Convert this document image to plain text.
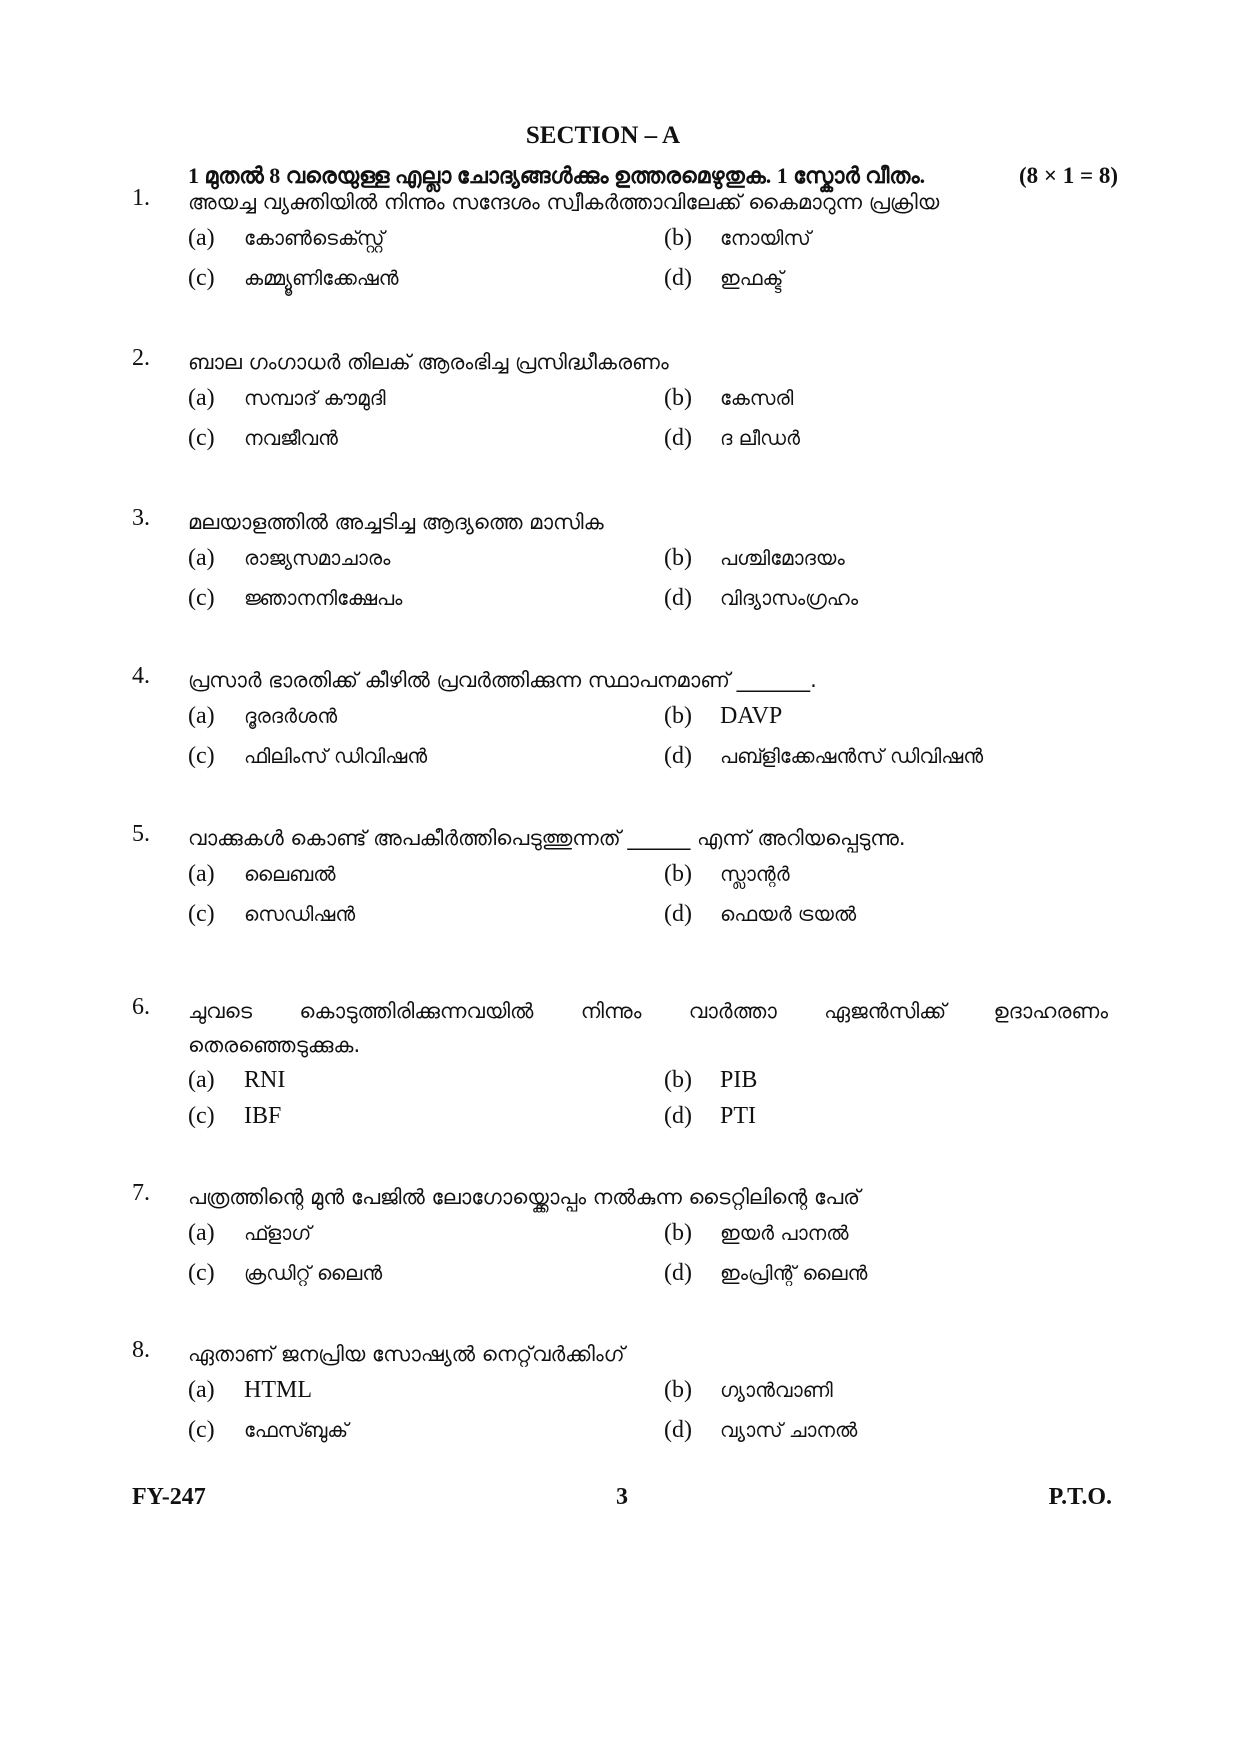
SECTION – A
1 മുതൽ 8 വരെയുള്ള എല്ലാ ചോദ്യങ്ങൾക്കും ഉത്തരമെഴുതുക. 1 സ്കോർ വീതം.	(8 × 1 = 8)
1. അയച്ച വ്യക്തിയിൽ നിന്നും സന്ദേശം സ്വീകർത്താവിലേക്ക് കൈമാറുന്ന പ്രക്രിയ
(a) കോൺടെക്സ്റ്റ്	(b) നോയിസ്
(c) കമ്മ്യൂണിക്കേഷൻ	(d) ഇഫക്ട്
2. ബാല ഗംഗാധർ തിലക് ആരംഭിച്ച പ്രസിദ്ധീകരണം
(a) സമ്പാദ് കൗമുദി	(b) കേസരി
(c) നവജീവൻ	(d) ദ ലീഡർ
3. മലയാളത്തിൽ അച്ചടിച്ച ആദ്യത്തെ മാസിക
(a) രാജ്യസമാചാരം	(b) പശ്ചിമോദയം
(c) ജ്ഞാനനിക്ഷേപം	(d) വിദ്യാസംഗ്രഹം
4. പ്രസാർ ഭാരതിക്ക് കീഴിൽ പ്രവർത്തിക്കുന്ന സ്ഥാപനമാണ് _______.
(a) ദൂരദർശൻ	(b) DAVP
(c) ഫിലിംസ് ഡിവിഷൻ	(d) പബ്ളിക്കേഷൻസ് ഡിവിഷൻ
5. വാക്കുകൾ കൊണ്ട് അപകീർത്തിപെടുത്തുന്നത് ______ എന്ന് അറിയപ്പെടുന്നു.
(a) ലൈബൽ	(b) സ്ലാന്റർ
(c) സെഡിഷൻ	(d) ഫെയർ ട്രയൽ
6. ചുവടെ കൊടുത്തിരിക്കുന്നവയിൽ നിന്നും വാർത്താ ഏജൻസിക്ക് ഉദാഹരണം തെരഞ്ഞെടുക്കുക.
(a) RNI	(b) PIB
(c) IBF	(d) PTI
7. പത്രത്തിന്റെ മുൻ പേജിൽ ലോഗോയ്ക്കൊപ്പം നൽകുന്ന ടൈറ്റിലിന്റെ പേര്
(a) ഫ്ളാഗ്	(b) ഇയർ പാനൽ
(c) ക്രഡിറ്റ് ലൈൻ	(d) ഇംപ്രിന്റ് ലൈൻ
8. ഏതാണ് ജനപ്രിയ സോഷ്യൽ നെറ്റ്‌വർക്കിംഗ്
(a) HTML	(b) ഗ്യാൻവാണി
(c) ഫേസ്ബുക്	(d) വ്യാസ് ചാനൽ
FY-247	3	P.T.O.
